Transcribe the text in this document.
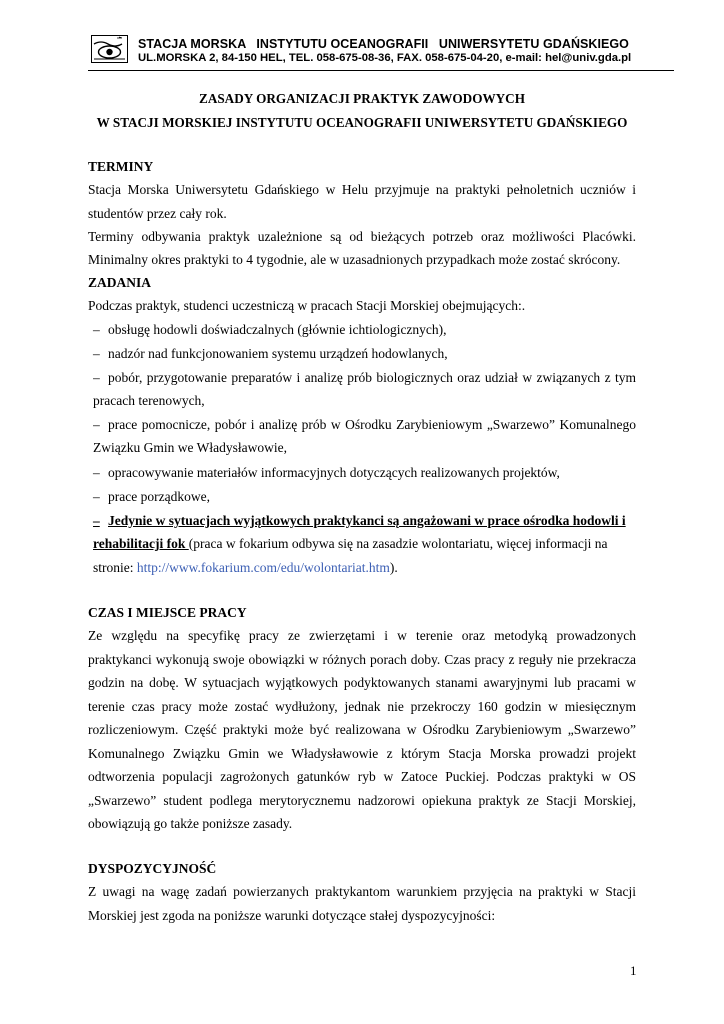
STACJA MORSKA   INSTYTUTU OCEANOGRAFII   UNIWERSYTETU GDAŃSKIEGO
UL.MORSKA 2, 84-150 HEL, TEL. 058-675-08-36, FAX. 058-675-04-20, e-mail: hel@univ.gda.pl
ZASADY ORGANIZACJI PRAKTYK ZAWODOWYCH
W STACJI MORSKIEJ INSTYTUTU OCEANOGRAFII UNIWERSYTETU GDAŃSKIEGO
TERMINY
Stacja Morska Uniwersytetu Gdańskiego w Helu przyjmuje na praktyki pełnoletnich uczniów i
studentów przez cały rok.
Terminy odbywania praktyk uzależnione są od bieżących potrzeb oraz możliwości Placówki.
Minimalny okres praktyki to 4 tygodnie, ale w uzasadnionych przypadkach może zostać skrócony.
ZADANIA
Podczas praktyk, studenci uczestniczą w pracach Stacji Morskiej obejmujących:.
– obsługę hodowli doświadczalnych (głównie ichtiologicznych),
– nadzór nad funkcjonowaniem systemu urządzeń hodowlanych,
– pobór, przygotowanie preparatów i analizę prób biologicznych oraz udział w związanych z tym
pracach terenowych,
– prace pomocnicze, pobór i analizę prób w Ośrodku Zarybieniowym „Swarzewo” Komunalnego
Związku Gmin we Władysławowie,
– opracowywanie materiałów informacyjnych dotyczących realizowanych projektów,
– prace porządkowe,
– Jedynie w sytuacjach wyjątkowych praktykanci są angażowani w prace ośrodka hodowli i
rehabilitacji fok (praca w fokarium odbywa się na zasadzie wolontariatu, więcej informacji na
stronie: http://www.fokarium.com/edu/wolontariat.htm).
CZAS I MIEJSCE PRACY
Ze względu na specyfikę pracy ze zwierzętami i w terenie oraz metodyką prowadzonych
praktykanci wykonują swoje obowiązki w różnych porach doby. Czas pracy z reguły nie przekracza
godzin na dobę. W sytuacjach wyjątkowych podyktowanych stanami awaryjnymi lub pracami w
terenie czas pracy może zostać wydłużony, jednak nie przekroczy 160 godzin w miesięcznym
rozliczeniowym. Część praktyki może być realizowana w Ośrodku Zarybieniowym „Swarzewo”
Komunalnego Związku Gmin we Władysławowie z którym Stacja Morska prowadzi projekt
odtworzenia populacji zagrożonych gatunków ryb w Zatoce Puckiej. Podczas praktyki w OS
„Swarzewo” student podlega merytorycznemu nadzorowi opiekuna praktyk ze Stacji Morskiej,
obowiązują go także poniższe zasady.
DYSPOZYCYJNOŚĆ
Z uwagi na wagę zadań powierzanych praktykantom warunkiem przyjęcia na praktyki w Stacji
Morskiej jest zgoda na poniższe warunki dotyczące stałej dyspozycyjności:
1
